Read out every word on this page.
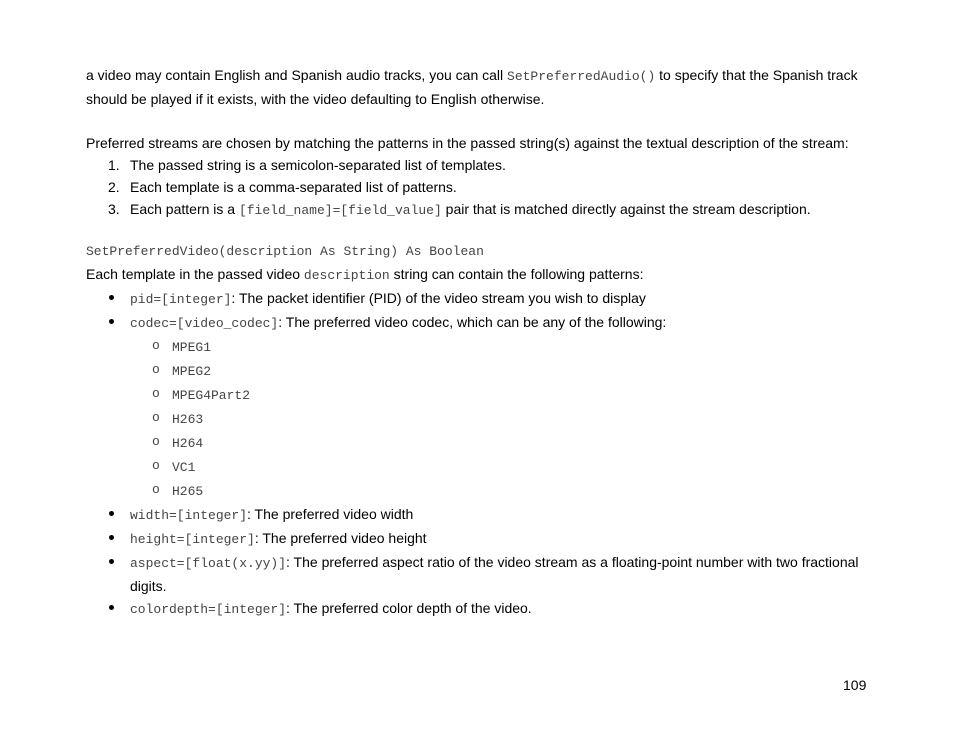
a video may contain English and Spanish audio tracks, you can call SetPreferredAudio() to specify that the Spanish track should be played if it exists, with the video defaulting to English otherwise.

Preferred streams are chosen by matching the patterns in the passed string(s) against the textual description of the stream:

1. The passed string is a semicolon-separated list of templates.
2. Each template is a comma-separated list of patterns.
3. Each pattern is a [field_name]=[field_value] pair that is matched directly against the stream description.

SetPreferredVideo(description As String) As Boolean

Each template in the passed video description string can contain the following patterns:

pid=[integer]: The packet identifier (PID) of the video stream you wish to display
codec=[video_codec]: The preferred video codec, which can be any of the following:
o MPEG1
o MPEG2
o MPEG4Part2
o H263
o H264
o VC1
o H265
width=[integer]: The preferred video width
height=[integer]: The preferred video height
aspect=[float(x.yy)]: The preferred aspect ratio of the video stream as a floating-point number with two fractional digits.
colordepth=[integer]: The preferred color depth of the video.
109
